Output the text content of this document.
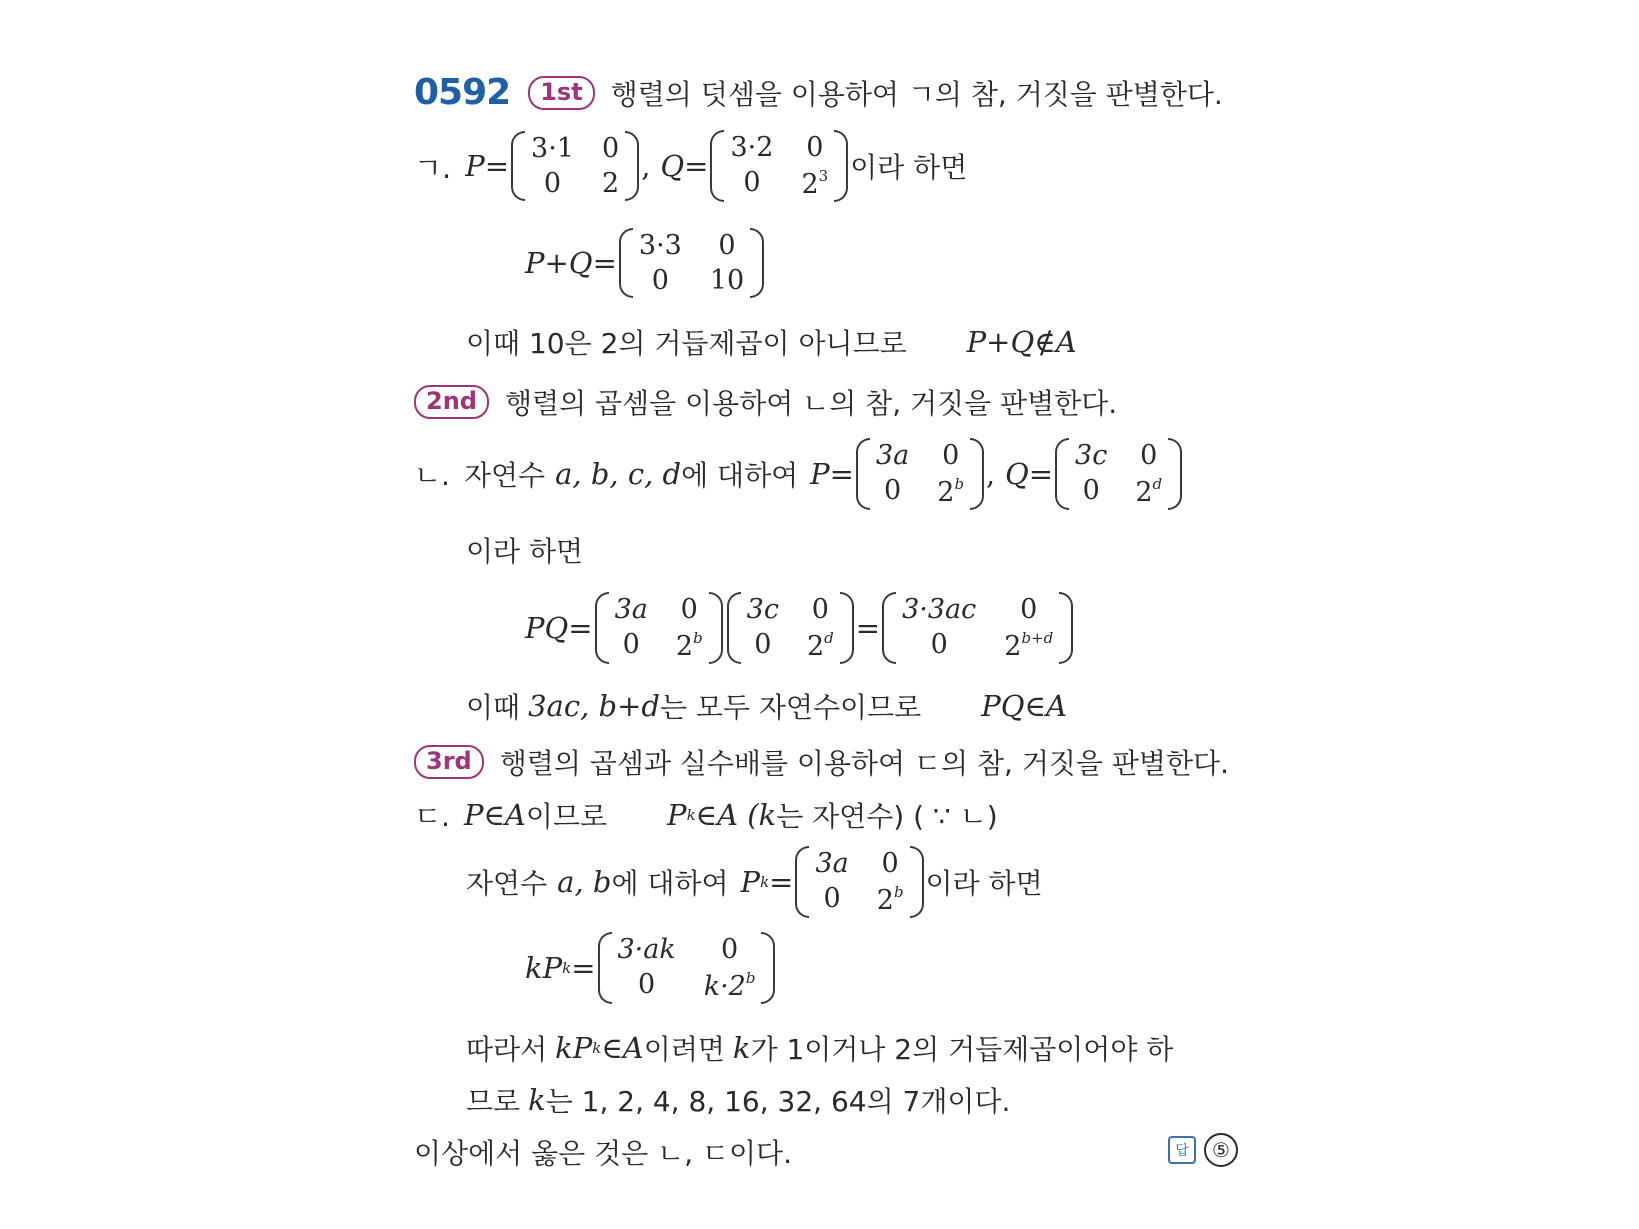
0592	1st	행렬의 덧셈을 이용하여 ㄱ의 참, 거짓을 판별한다.
ㄱ. P=
3·1 0
0	2
, Q=
3·2 0
0	$2^3$ 이라 하면
P+Q=
3·3	0
0	10
이때 10은 2의 거듭제곱이 아니므로 P+Q∉A
2nd	행렬의 곱셈을 이용하여 ㄴ의 참, 거짓을 판별한다.
ㄴ. 자연수 a, b, c, d 에 대하여 P=
3a 0
0 2$^b$ , Q=
3c 0
0 2$^d$
이라 하면
PQ=
3a 0
0 2$^b$
3c 0
0 $2^d$ =
3·3ac	0
0	$2^{b+d}$
이때 3ac, b+d 는 모두 자연수이므로 PQ∈A
3rd	행렬의 곱셈과 실수배를 이용하여 ㄷ의 참, 거짓을 판별한다.
ㄷ. P∈A 이므로 P k ∈A ( k 는 자연수) ( ∵ ㄴ)
자연수 a, b 에 대하여 P k =
3a 0
0 2$^b$ 이라 하면
kP k =
3·ak	0
0	$k\cdot 2^b$
따라서 kP k ∈A 이려면 k 가 1이거나 2의 거듭제곱이어야 하
므로 k 는 1, 2, 4, 8, 16, 32, 64의 7개이다.
이상에서 옳은 것은 ㄴ, ㄷ이다.	답	⑤
